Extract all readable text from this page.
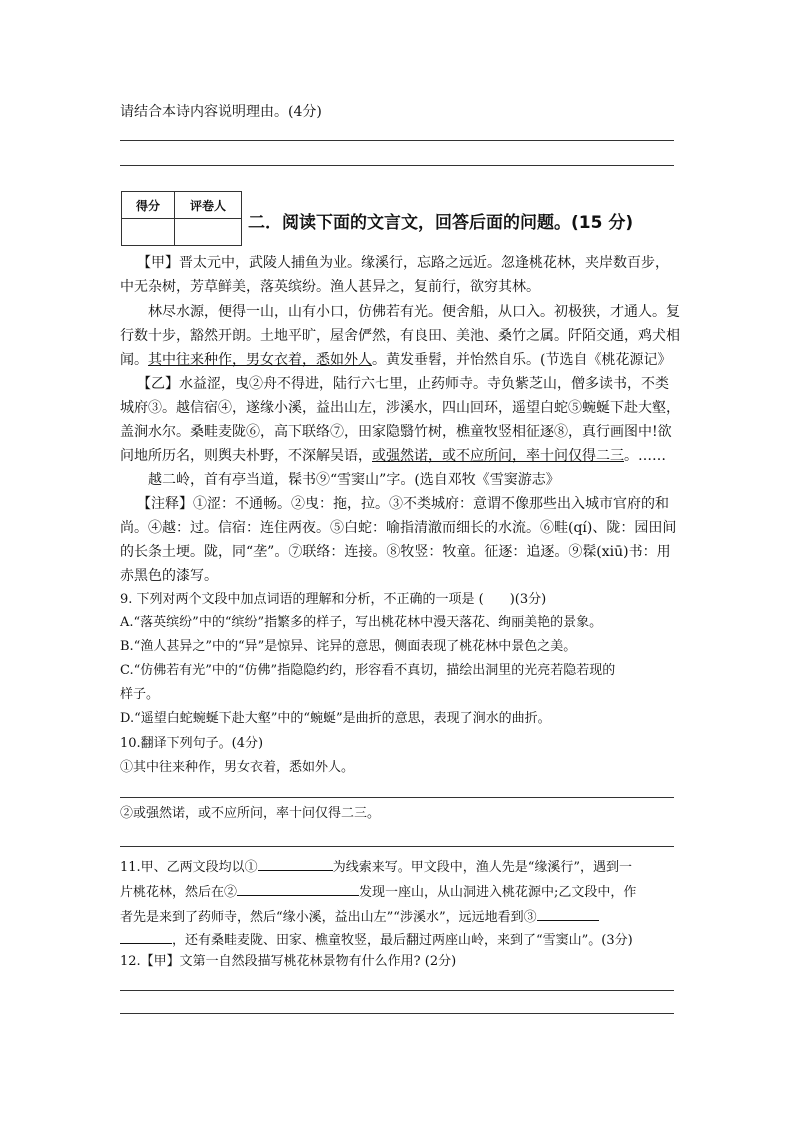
请结合本诗内容说明理由。(4分)
得分	评卷人

二．阅读下面的文言文，回答后面的问题。(15 分)
【甲】晋太元中，武陵人捕鱼为业。缘溪行，忘路之远近。忽逢桃花林，夹岸数百步，
中无杂树，芳草鲜美，落英缤纷。渔人甚异之，复前行，欲穷其林。
林尽水源，便得一山，山有小口，仿佛若有光。便舍船，从口入。初极狭，才通人。复
行数十步，豁然开朗。土地平旷，屋舍俨然，有良田、美池、桑竹之属。阡陌交通，鸡犬相
闻。其中往来种作，男女衣着，悉如外人。黄发垂髫，并怡然自乐。(节选自《桃花源记》
【乙】水益涩，曳②舟不得进，陆行六七里，止药师寺。寺负紫芝山，僧多读书，不类
城府③。越信宿④，遂缘小溪，益出山左，涉溪水，四山回环，遥望白蛇⑤蜿蜒下赴大壑，
盖涧水尔。桑畦麦陇⑥，高下联络⑦，田家隐翳竹树，樵童牧竖相征逐⑧，真行画图中!欲
问地所历名，则舆夫朴野，不深解吴语，或强然诺，或不应所问，率十问仅得二三。……
越二岭，首有亭当道，髹书⑨“雪窦山”字。(选自邓牧《雪窦游志》
【注释】①涩：不通畅。②曳：拖，拉。③不类城府：意谓不像那些出入城市官府的和
尚。④越：过。信宿：连住两夜。⑤白蛇：喻指清澈而细长的水流。⑥畦(qí)、陇：园田间
的长条土埂。陇，同“垄”。⑦联络：连接。⑧牧竖：牧童。征逐：追逐。⑨髹(xiū)书：用
赤黑色的漆写。
9. 下列对两个文段中加点词语的理解和分析，不正确的一项是 (　　)(3分)
A.“落英缤纷”中的“缤纷”指繁多的样子，写出桃花林中漫天落花、绚丽美艳的景象。
B.“渔人甚异之”中的“异”是惊异、诧异的意思，侧面表现了桃花林中景色之美。
C.“仿佛若有光”中的“仿佛”指隐隐约约，形容看不真切，描绘出洞里的光亮若隐若现的
样子。
D.“遥望白蛇蜿蜒下赴大壑”中的“蜿蜒”是曲折的意思，表现了涧水的曲折。
10.翻译下列句子。(4分)
①其中往来种作，男女衣着，悉如外人。
②或强然诺，或不应所问，率十问仅得二三。
11.甲、乙两文段均以①	为线索来写。甲文段中，渔人先是“缘溪行”，遇到一
片桃花林，然后在②	发现一座山，从山洞进入桃花源中;乙文段中，作
者先是来到了药师寺，然后“缘小溪，益出山左”“涉溪水”，远远地看到③
，还有桑畦麦陇、田家、樵童牧竖，最后翻过两座山岭，来到了“雪窦山”。(3分)
12.【甲】文第一自然段描写桃花林景物有什么作用? (2分)
